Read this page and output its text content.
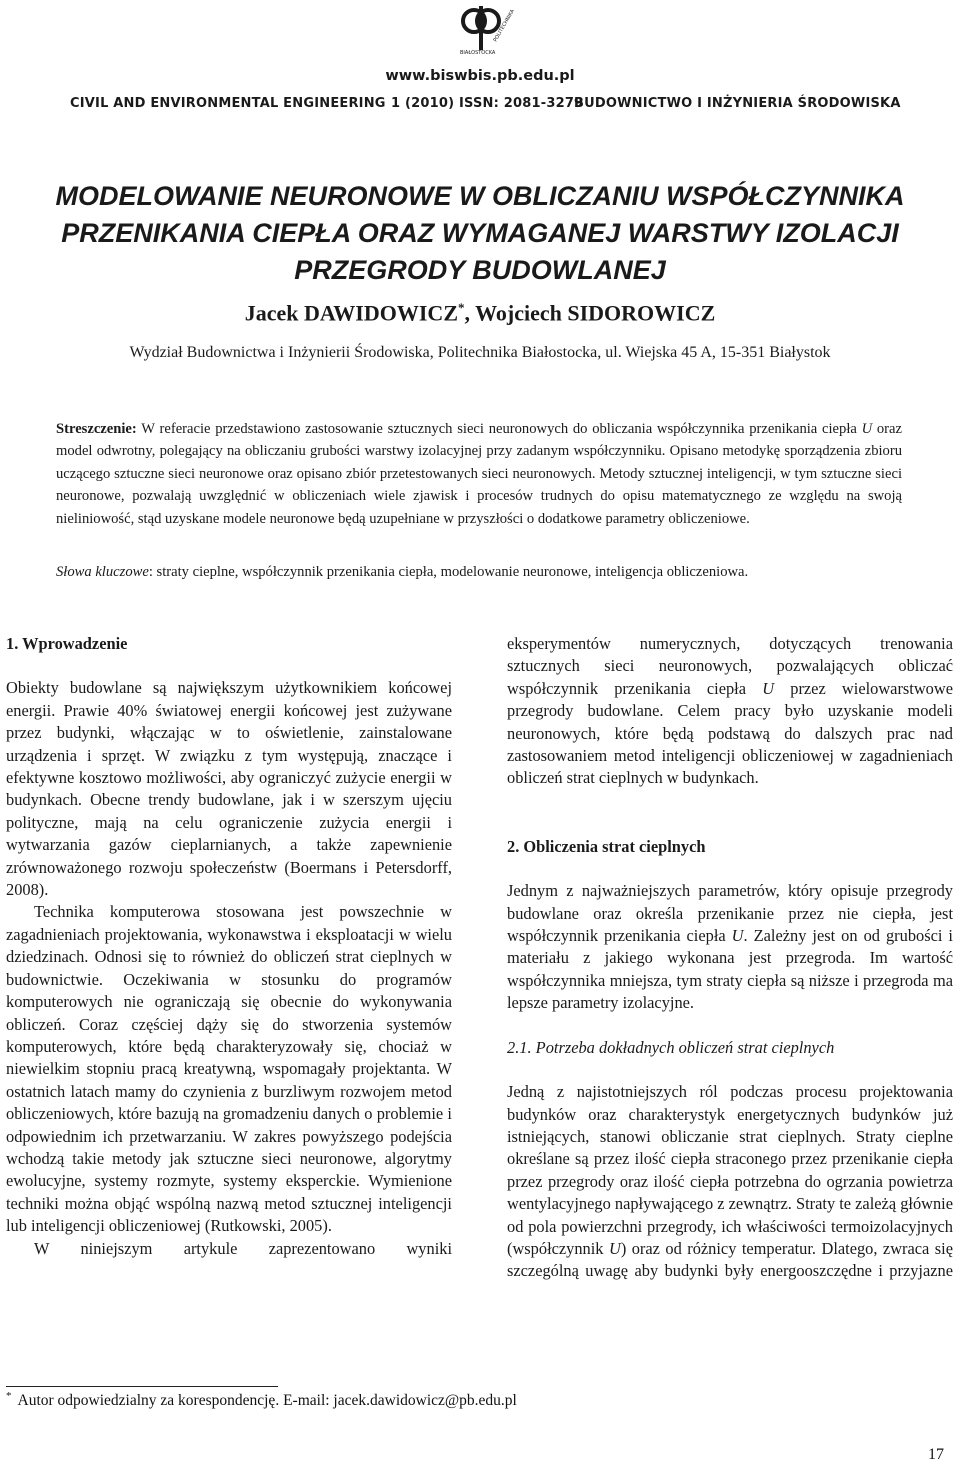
POLITECHNIKA
BIAŁOSTOCKA
www.biswbis.pb.edu.pl
CIVIL AND ENVIRONMENTAL ENGINEERING 1 (2010) ISSN: 2081-3279
BUDOWNICTWO I INŻYNIERIA ŚRODOWISKA
MODELOWANIE NEURONOWE W OBLICZANIU WSPÓŁCZYNNIKA
PRZENIKANIA CIEPŁA ORAZ WYMAGANEJ WARSTWY IZOLACJI
PRZEGRODY BUDOWLANEJ
Jacek DAWIDOWICZ*, Wojciech SIDOROWICZ
Wydział Budownictwa i Inżynierii Środowiska, Politechnika Białostocka, ul. Wiejska 45 A, 15-351 Białystok
Streszczenie: W referacie przedstawiono zastosowanie sztucznych sieci neuronowych do obliczania współczynnika przenikania ciepła U oraz model odwrotny, polegający na obliczaniu grubości warstwy izolacyjnej przy zadanym współczynniku. Opisano metodykę sporządzenia zbioru uczącego sztuczne sieci neuronowe oraz opisano zbiór przetestowanych sieci neuronowych. Metody sztucznej inteligencji, w tym sztuczne sieci neuronowe, pozwalają uwzględnić w obliczeniach wiele zjawisk i procesów trudnych do opisu matematycznego ze względu na swoją nieliniowość, stąd uzyskane modele neuronowe będą uzupełniane w przyszłości o dodatkowe parametry obliczeniowe.
Słowa kluczowe: straty cieplne, współczynnik przenikania ciepła, modelowanie neuronowe, inteligencja obliczeniowa.
1. Wprowadzenie

Obiekty budowlane są największym użytkownikiem końcowej energii. Prawie 40% światowej energii końcowej jest zużywane przez budynki, włączając w to oświetlenie, zainstalowane urządzenia i sprzęt. W związku z tym występują, znaczące i efektywne kosztowo możliwości, aby ograniczyć zużycie energii w budynkach. Obecne trendy budowlane, jak i w szerszym ujęciu polityczne, mają na celu ograniczenie zużycia energii i wytwarzania gazów cieplarnianych, a także zapewnienie zrównoważonego rozwoju społeczeństw (Boermans i Petersdorff, 2008).

Technika komputerowa stosowana jest powszechnie w zagadnieniach projektowania, wykonawstwa i eksploatacji w wielu dziedzinach. Odnosi się to również do obliczeń strat cieplnych w budownictwie. Oczekiwania w stosunku do programów komputerowych nie ograniczają się obecnie do wykonywania obliczeń. Coraz częściej dąży się do stworzenia systemów komputerowych, które będą charakteryzowały się, chociaż w niewielkim stopniu pracą kreatywną, wspomagały projektanta. W ostatnich latach mamy do czynienia z burzliwym rozwojem metod obliczeniowych, które bazują na gromadzeniu danych o problemie i odpowiednim ich przetwarzaniu. W zakres powyższego podejścia wchodzą takie metody jak sztuczne sieci neuronowe, algorytmy ewolucyjne, systemy rozmyte, systemy eksperckie. Wymienione techniki można objąć wspólną nazwą metod sztucznej inteligencji lub inteligencji obliczeniowej (Rutkowski, 2005).

W niniejszym artykule zaprezentowano wyniki

eksperymentów numerycznych, dotyczących trenowania sztucznych sieci neuronowych, pozwalających obliczać współczynnik przenikania ciepła U przez wielowarstwowe przegrody budowlane. Celem pracy było uzyskanie modeli neuronowych, które będą podstawą do dalszych prac nad zastosowaniem metod inteligencji obliczeniowej w zagadnieniach obliczeń strat cieplnych w budynkach.

2. Obliczenia strat cieplnych

Jednym z najważniejszych parametrów, który opisuje przegrody budowlane oraz określa przenikanie przez nie ciepła, jest współczynnik przenikania ciepła U. Zależny jest on od grubości i materiału z jakiego wykonana jest przegroda. Im wartość współczynnika mniejsza, tym straty ciepła są niższe i przegroda ma lepsze parametry izolacyjne.

2.1. Potrzeba dokładnych obliczeń strat cieplnych

Jedną z najistotniejszych ról podczas procesu projektowania budynków oraz charakterystyk energetycznych budynków już istniejących, stanowi obliczanie strat cieplnych. Straty cieplne określane są przez ilość ciepła straconego przez przenikanie ciepła przez przegrody oraz ilość ciepła potrzebna do ogrzania powietrza wentylacyjnego napływającego z zewnątrz. Straty te zależą głównie od pola powierzchni przegrody, ich właściwości termoizolacyjnych (współczynnik U) oraz od różnicy temperatur. Dlatego, zwraca się szczególną uwagę aby budynki były energooszczędne i przyjazne

* Autor odpowiedzialny za korespondencję. E-mail: jacek.dawidowicz@pb.edu.pl
17
